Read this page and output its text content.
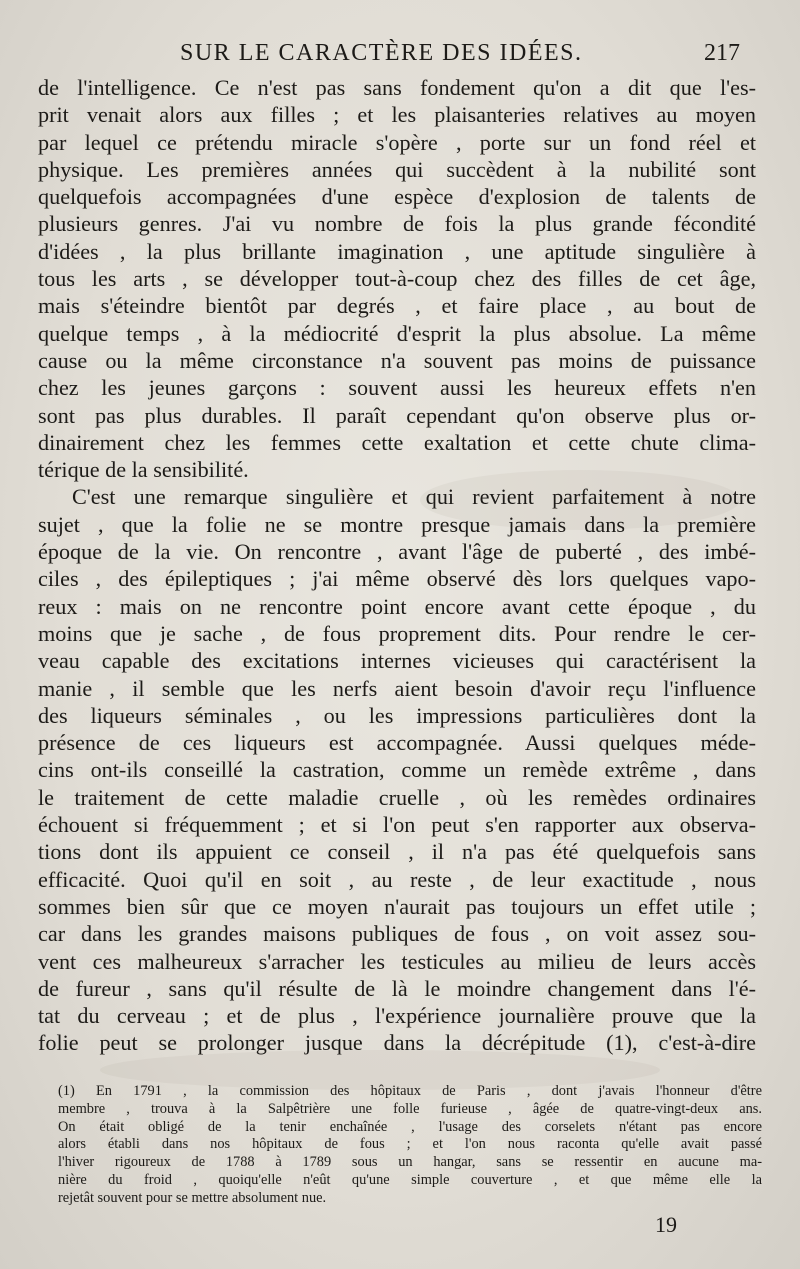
SUR LE CARACTÈRE DES IDÉES.	217
de l'intelligence. Ce n'est pas sans fondement qu'on a dit que l'es-
prit venait alors aux filles ; et les plaisanteries relatives au moyen
par lequel ce prétendu miracle s'opère , porte sur un fond réel et
physique. Les premières années qui succèdent à la nubilité sont
quelquefois accompagnées d'une espèce d'explosion de talents de
plusieurs genres. J'ai vu nombre de fois la plus grande fécondité
d'idées , la plus brillante imagination , une aptitude singulière à
tous les arts , se développer tout-à-coup chez des filles de cet âge,
mais s'éteindre bientôt par degrés , et faire place , au bout de
quelque temps , à la médiocrité d'esprit la plus absolue. La même
cause ou la même circonstance n'a souvent pas moins de puissance
chez les jeunes garçons : souvent aussi les heureux effets n'en
sont pas plus durables. Il paraît cependant qu'on observe plus or-
dinairement chez les femmes cette exaltation et cette chute clima-
térique de la sensibilité.
C'est une remarque singulière et qui revient parfaitement à notre
sujet , que la folie ne se montre presque jamais dans la première
époque de la vie. On rencontre , avant l'âge de puberté , des imbé-
ciles , des épileptiques ; j'ai même observé dès lors quelques vapo-
reux : mais on ne rencontre point encore avant cette époque , du
moins que je sache , de fous proprement dits. Pour rendre le cer-
veau capable des excitations internes vicieuses qui caractérisent la
manie , il semble que les nerfs aient besoin d'avoir reçu l'influence
des liqueurs séminales , ou les impressions particulières dont la
présence de ces liqueurs est accompagnée. Aussi quelques méde-
cins ont-ils conseillé la castration, comme un remède extrême , dans
le traitement de cette maladie cruelle , où les remèdes ordinaires
échouent si fréquemment ; et si l'on peut s'en rapporter aux observa-
tions dont ils appuient ce conseil , il n'a pas été quelquefois sans
efficacité. Quoi qu'il en soit , au reste , de leur exactitude , nous
sommes bien sûr que ce moyen n'aurait pas toujours un effet utile ;
car dans les grandes maisons publiques de fous , on voit assez sou-
vent ces malheureux s'arracher les testicules au milieu de leurs accès
de fureur , sans qu'il résulte de là le moindre changement dans l'é-
tat du cerveau ; et de plus , l'expérience journalière prouve que la
folie peut se prolonger jusque dans la décrépitude (1), c'est-à-dire
(1) En 1791 , la commission des hôpitaux de Paris , dont j'avais l'honneur d'être
membre , trouva à la Salpêtrière une folle furieuse , âgée de quatre-vingt-deux ans.
On était obligé de la tenir enchaînée , l'usage des corselets n'étant pas encore
alors établi dans nos hôpitaux de fous ; et l'on nous raconta qu'elle avait passé
l'hiver rigoureux de 1788 à 1789 sous un hangar, sans se ressentir en aucune ma-
nière du froid , quoiqu'elle n'eût qu'une simple couverture , et que même elle la
rejetât souvent pour se mettre absolument nue.
19
